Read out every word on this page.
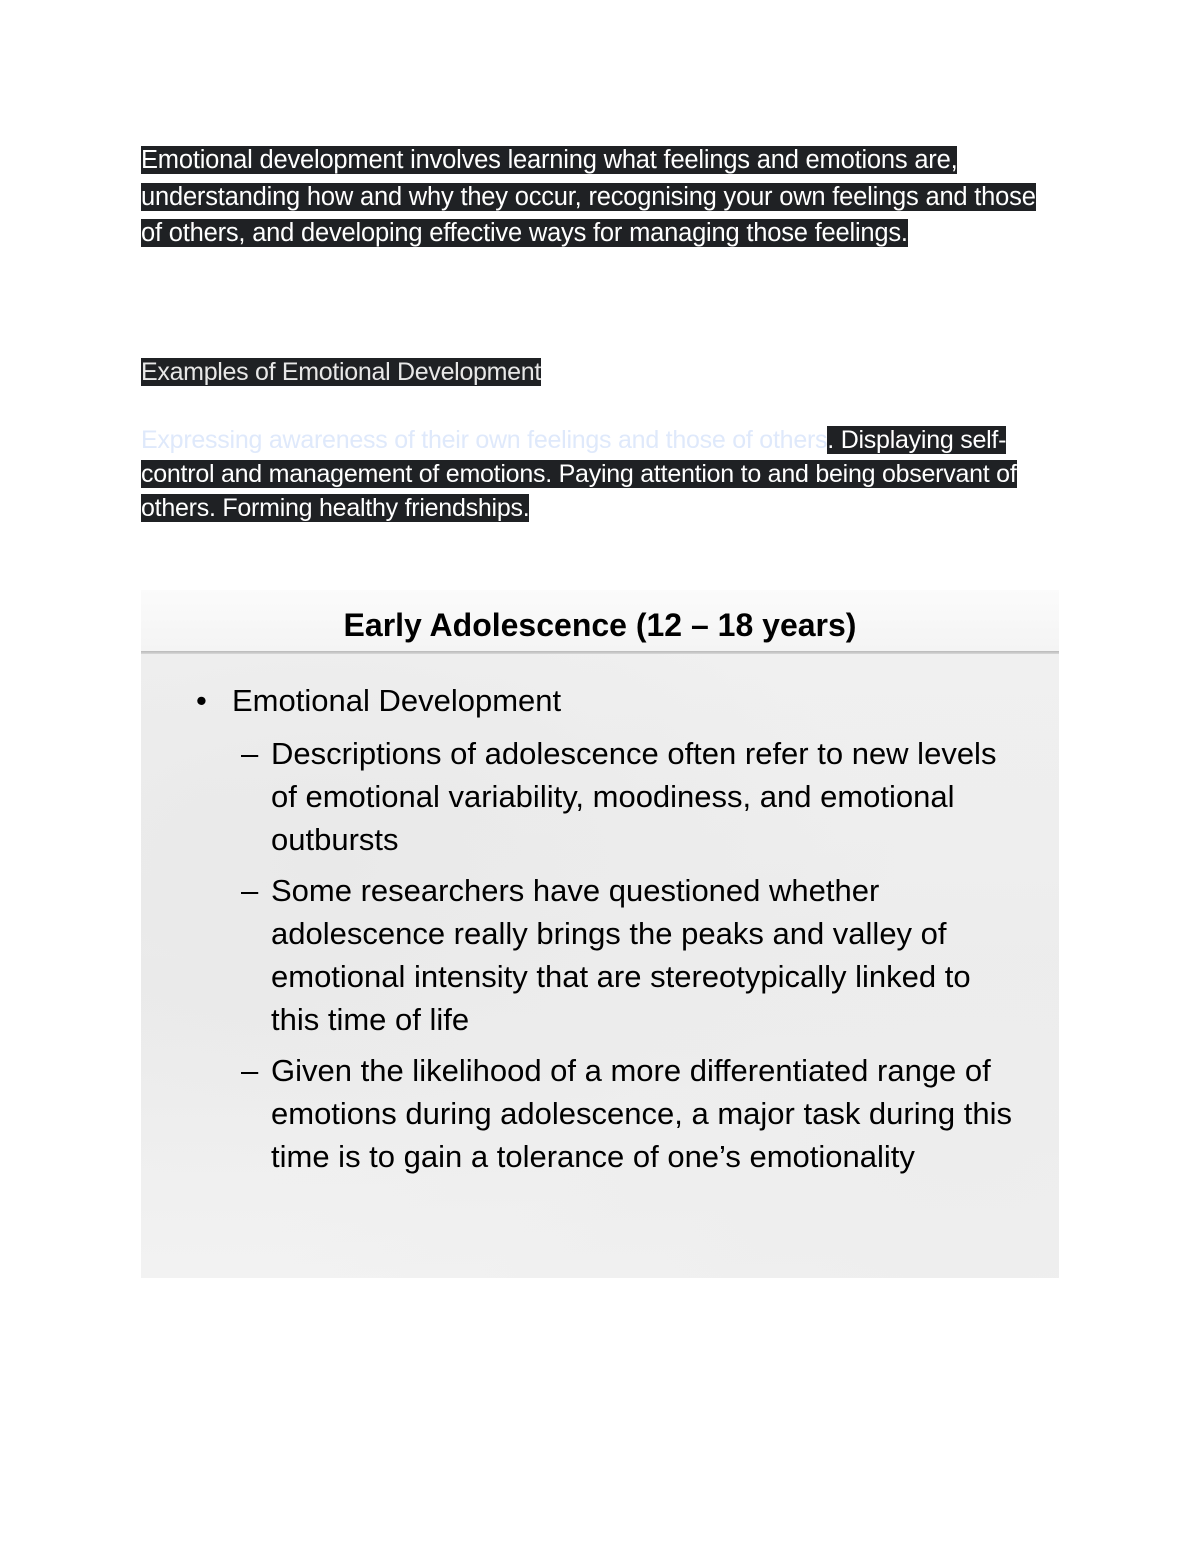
Emotional development involves learning what feelings and emotions are, understanding how and why they occur, recognising your own feelings and those of others, and developing effective ways for managing those feelings.

Examples of Emotional Development

Expressing awareness of their own feelings and those of others. Displaying self-control and management of emotions. Paying attention to and being observant of others. Forming healthy friendships.

Early Adolescence (12 – 18 years)
• Emotional Development
– Descriptions of adolescence often refer to new levels of emotional variability, moodiness, and emotional outbursts
– Some researchers have questioned whether adolescence really brings the peaks and valley of emotional intensity that are stereotypically linked to this time of life
– Given the likelihood of a more differentiated range of emotions during adolescence, a major task during this time is to gain a tolerance of one’s emotionality
